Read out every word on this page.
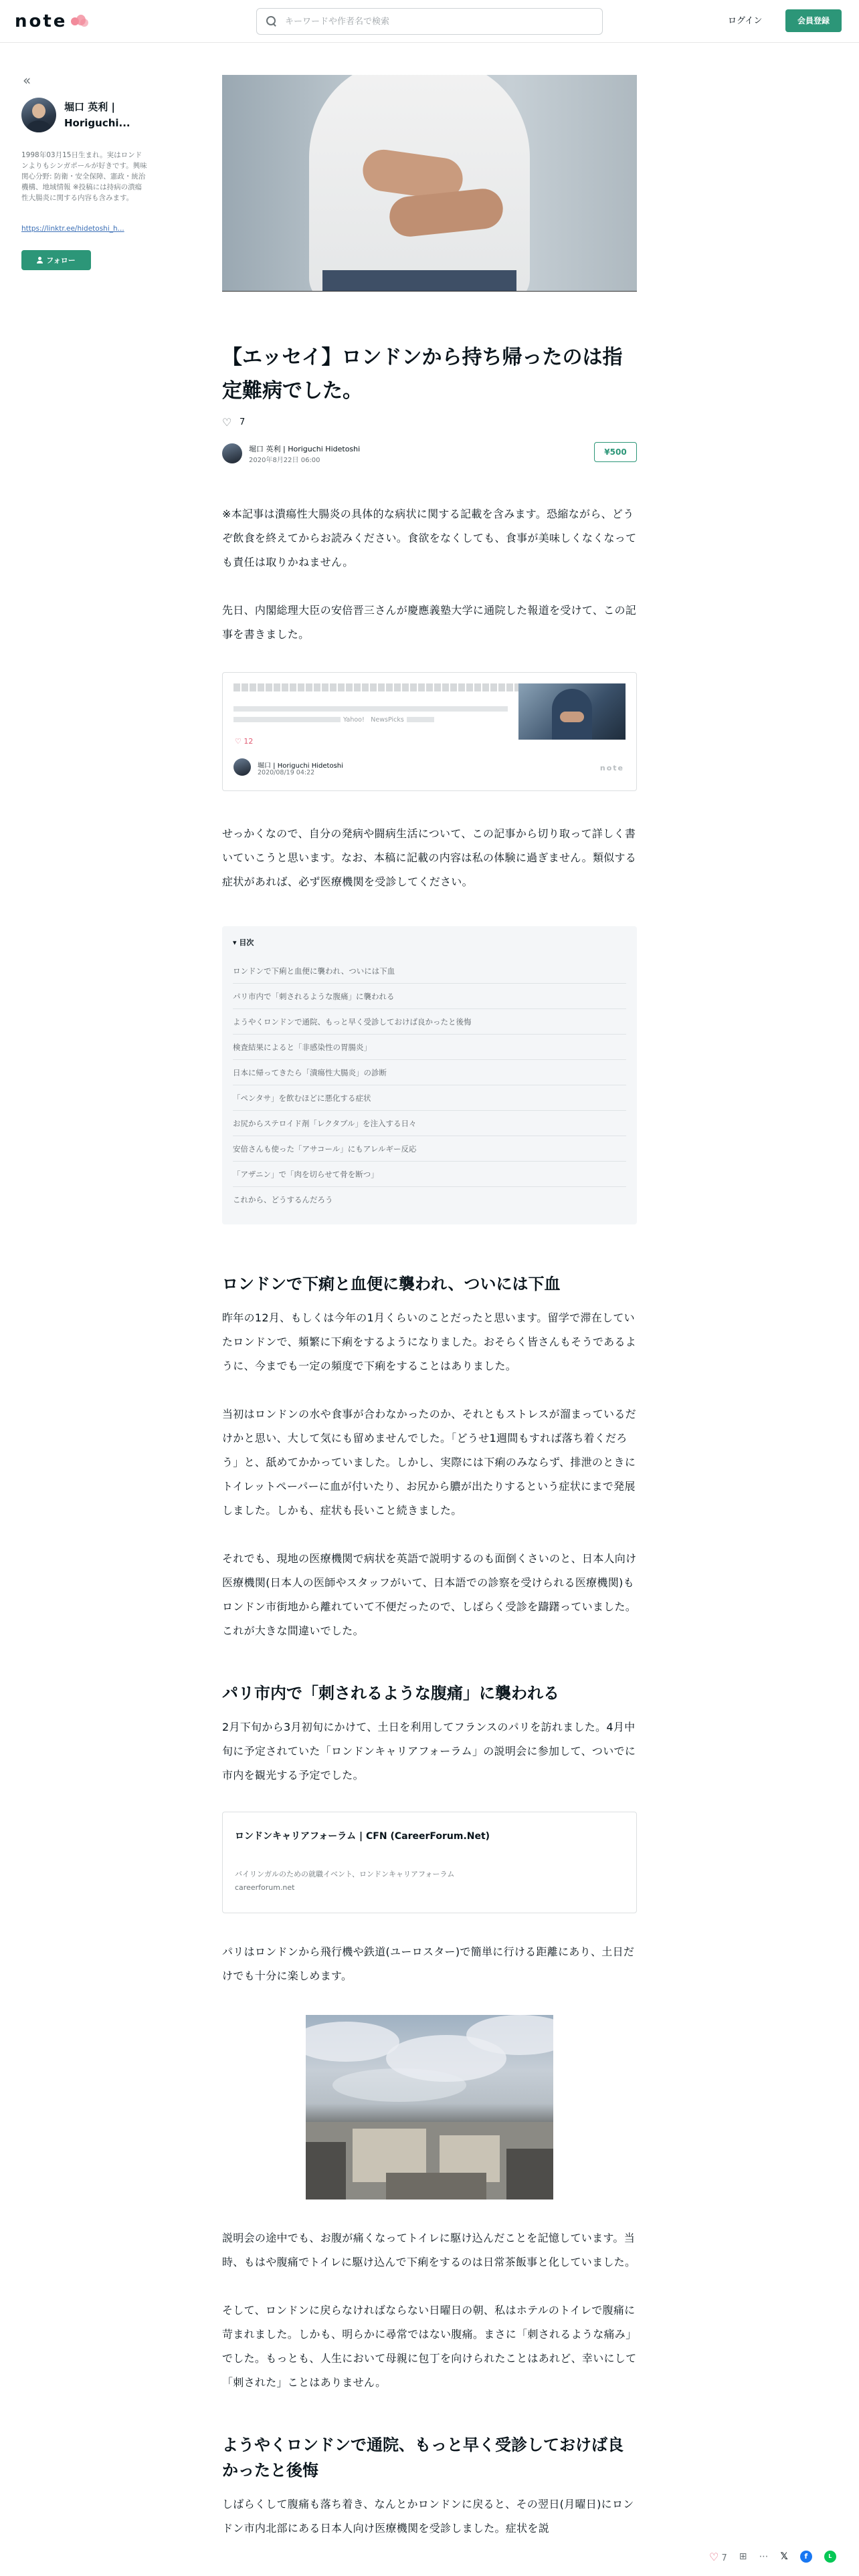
note
キーワードや作者名で検索	ログイン	会員登録
«
堀口 英利 | Horiguchi...
1998年03月15日生まれ。実はロンドンよりもシンガポールが好きです。興味関心分野: 防衛・安全保障、憲政・統治機構、地域情報 ※投稿には持病の潰瘍性大腸炎に関する内容も含みます。
https://linktr.ee/hidetoshi_h...
フォロー
【エッセイ】ロンドンから持ち帰ったのは指定難病でした。
♡ 7
堀口 英利 | Horiguchi Hidetoshi
2020年8月22日 06:00
¥500

※本記事は潰瘍性大腸炎の具体的な病状に関する記載を含みます。恐縮ながら、どうぞ飲食を終えてからお読みください。食欲をなくしても、食事が美味しくなくなっても責任は取りかねません。

先日、内閣総理大臣の安倍晋三さんが慶應義塾大学に通院した報道を受けて、この記事を書きました。

Yahoo!　NewsPicks
♡ 12
堀口 | Horiguchi Hidetoshi
2020/08/19 04:22
note

せっかくなので、自分の発病や闘病生活について、この記事から切り取って詳しく書いていこうと思います。なお、本稿に記載の内容は私の体験に過ぎません。類似する症状があれば、必ず医療機関を受診してください。

▾ 目次
ロンドンで下痢と血便に襲われ、ついには下血
パリ市内で「刺されるような腹痛」に襲われる
ようやくロンドンで通院、もっと早く受診しておけば良かったと後悔
検査結果によると「非感染性の胃腸炎」
日本に帰ってきたら「潰瘍性大腸炎」の診断
「ペンタサ」を飲むほどに悪化する症状
お尻からステロイド剤「レクタブル」を注入する日々
安倍さんも使った「アサコール」にもアレルギー反応
「アザニン」で「肉を切らせて骨を断つ」
これから、どうするんだろう
ロンドンで下痢と血便に襲われ、ついには下血

昨年の12月、もしくは今年の1月くらいのことだったと思います。留学で滞在していたロンドンで、頻繁に下痢をするようになりました。おそらく皆さんもそうであるように、今までも一定の頻度で下痢をすることはありました。

当初はロンドンの水や食事が合わなかったのか、それともストレスが溜まっているだけかと思い、大して気にも留めませんでした。「どうせ1週間もすれば落ち着くだろう」と、舐めてかかっていました。しかし、実際には下痢のみならず、排泄のときにトイレットペーパーに血が付いたり、お尻から膿が出たりするという症状にまで発展しました。しかも、症状も長いこと続きました。

それでも、現地の医療機関で病状を英語で説明するのも面倒くさいのと、日本人向け医療機関(日本人の医師やスタッフがいて、日本語での診察を受けられる医療機関)もロンドン市街地から離れていて不便だったので、しばらく受診を躊躇っていました。これが大きな間違いでした。

パリ市内で「刺されるような腹痛」に襲われる

2月下旬から3月初旬にかけて、土日を利用してフランスのパリを訪れました。4月中旬に予定されていた「ロンドンキャリアフォーラム」の説明会に参加して、ついでに市内を観光する予定でした。

ロンドンキャリアフォーラム | CFN (CareerForum.Net)
バイリンガルのための就職イベント、ロンドンキャリアフォーラム
careerforum.net

パリはロンドンから飛行機や鉄道(ユーロスター)で簡単に行ける距離にあり、土日だけでも十分に楽しめます。

説明会の途中でも、お腹が痛くなってトイレに駆け込んだことを記憶しています。当時、もはや腹痛でトイレに駆け込んで下痢をするのは日常茶飯事と化していました。

そして、ロンドンに戻らなければならない日曜日の朝、私はホテルのトイレで腹痛に苛まれました。しかも、明らかに尋常ではない腹痛。まさに「刺されるような痛み」でした。もっとも、人生において母親に包丁を向けられたことはあれど、幸いにして「刺された」ことはありません。

ようやくロンドンで通院、もっと早く受診しておけば良かったと後悔

しばらくして腹痛も落ち着き、なんとかロンドンに戻ると、その翌日(月曜日)にロンドン市内北部にある日本人向け医療機関を受診しました。症状を説

♡ 7 ⊞ ⋯ 𝕏	f	L
